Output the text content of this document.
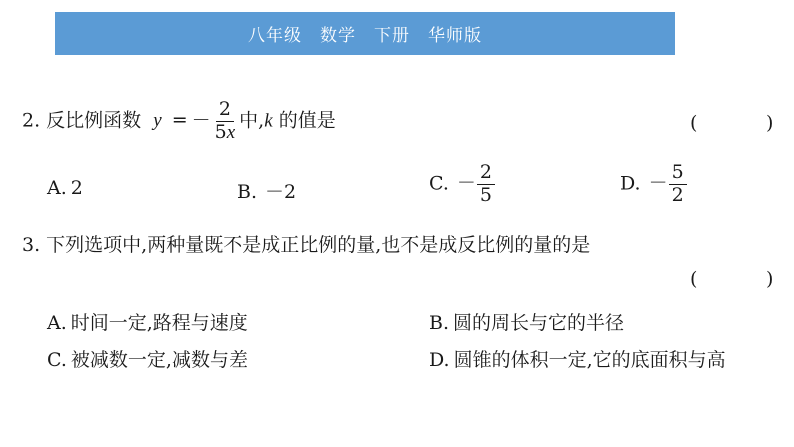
八年级 数学 下册 华师版
2. 反比例函数 y = － $\frac{2}{5x}$ 中,k 的值是	(	)
A. 2	B. －2	C. － $\frac{2}{5}$	D. － $\frac{5}{2}$
3. 下列选项中,两种量既不是成正比例的量,也不是成反比例的量的是
(	)
A. 时间一定,路程与速度	B. 圆的周长与它的半径
C. 被减数一定,减数与差	D. 圆锥的体积一定,它的底面积与高
